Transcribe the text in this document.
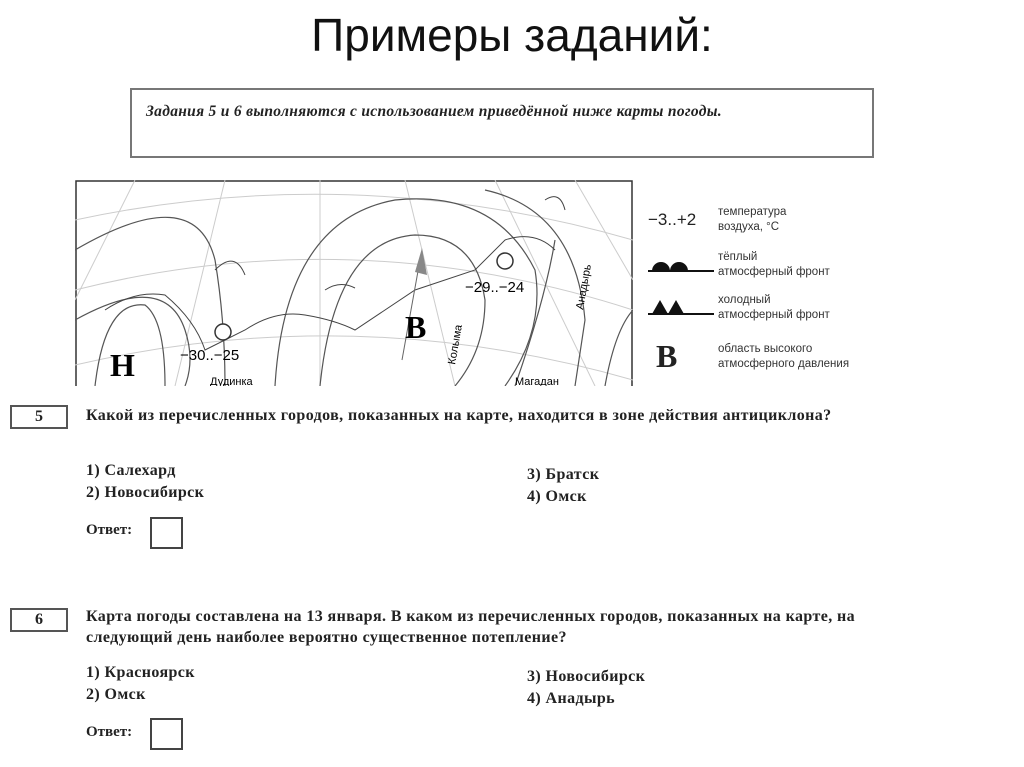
Примеры заданий:
Задания 5 и 6 выполняются с использованием приведённой ниже карты погоды.
−30..−25
−29..−24
Н
В
Дудинка	Магадан
Колыма
Анадырь
−3..+2	температура
воздуха, °С
тёплый
атмосферный фронт
холодный
атмосферный фронт
В	область высокого
атмосферного давления
5	Какой из перечисленных городов, показанных на карте, находится в зоне действия антициклона?
1) Салехард
2) Новосибирск
3) Братск
4) Омск
Ответ:
6	Карта погоды составлена на 13 января. В каком из перечисленных городов, показанных на карте, на следующий день наиболее вероятно существенное потепление?
1) Красноярск
2) Омск
3) Новосибирск
4) Анадырь
Ответ:
